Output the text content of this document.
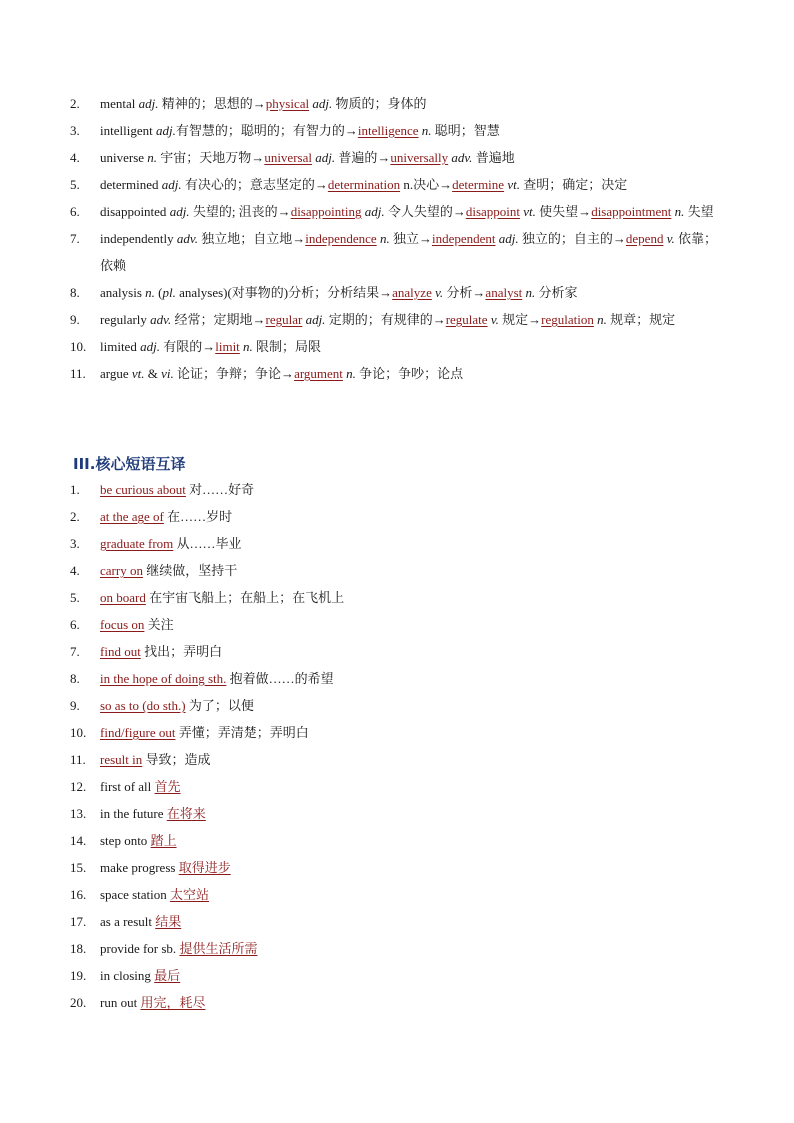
2.	mental adj. 精神的；思想的→physical adj. 物质的；身体的
3.	intelligent adj.有智慧的；聪明的；有智力的→intelligence n. 聪明；智慧
4.	universe n. 宇宙；天地万物→universal adj. 普遍的→universally adv. 普遍地
5.	determined adj. 有决心的；意志坚定的→determination n.决心→determine vt. 查明；确定；决定
6.	disappointed adj. 失望的; 沮丧的→disappointing adj. 令人失望的→disappoint vt. 使失望→disappointment n. 失望
7.	independently adv. 独立地；自立地→independence n. 独立→independent adj. 独立的；自主的→depend v. 依靠；依赖
8.	analysis n. (pl. analyses)(对事物的)分析；分析结果→analyze v. 分析→analyst n. 分析家
9.	regularly adv. 经常；定期地→regular adj. 定期的；有规律的→regulate v. 规定→regulation n. 规章；规定
10.	limited adj. 有限的→limit n. 限制；局限
11.	argue vt. & vi. 论证；争辩；争论→argument n. 争论；争吵；论点
III.核心短语互译
1.	be curious about 对……好奇
2.	at the age of 在……岁时
3.	graduate from 从……毕业
4.	carry on 继续做，坚持干
5.	on board 在宇宙飞船上；在船上；在飞机上
6.	focus on 关注
7.	find out 找出；弄明白
8.	in the hope of doing sth. 抱着做……的希望
9.	so as to (do sth.) 为了；以便
10.	find/figure out 弄懂；弄清楚；弄明白
11.	result in 导致；造成
12.	first of all 首先
13.	in the future 在将来
14.	step onto 踏上
15.	make progress 取得进步
16.	space station 太空站
17.	as a result 结果
18.	provide for sb. 提供生活所需
19.	in closing 最后
20.	run out 用完，耗尽
